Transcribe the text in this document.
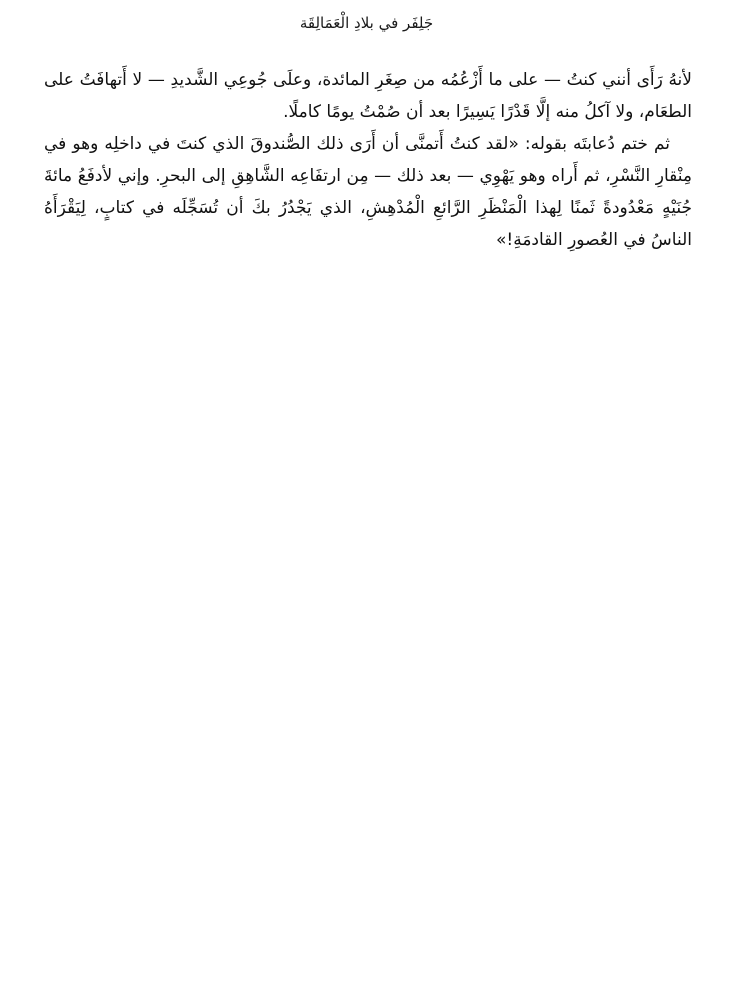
جَلِفَر في بلادِ الْعَمَالِقَة

لأنهُ رَأَى أنني كنتُ — على ما أَزْعُمُه من صِغَرِ المائدة، وعلَى جُوعِي الشَّديدِ — لا أَتهافَتُ على الطعَام، ولا آكلُ منه إلَّا قَدْرًا يَسِيرًا بعد أن صُمْتُ يومًا كاملًا.

ثم ختم دُعابتَه بقوله: «لقد كنتُ أَتمنَّى أن أَرَى ذلك الصُّندوقَ الذي كنتَ في داخلِه وهو في مِنْقارِ النَّسْرِ، ثم أَراه وهو يَهْوِي — بعد ذلك — مِن ارتفَاعِه الشَّاهِقِ إلى البحرِ. وإني لأدفَعُ مائةَ جُنَيْهٍ مَعْدُودةً ثَمنًا لِهذا الْمَنْظَرِ الرَّائعِ الْمُدْهِشِ، الذي يَجْدُرُ بكَ أن تُسَجِّلَه في كتابٍ، لِيَقْرَأَهُ الناسُ في العُصورِ القادمَةِ!»
